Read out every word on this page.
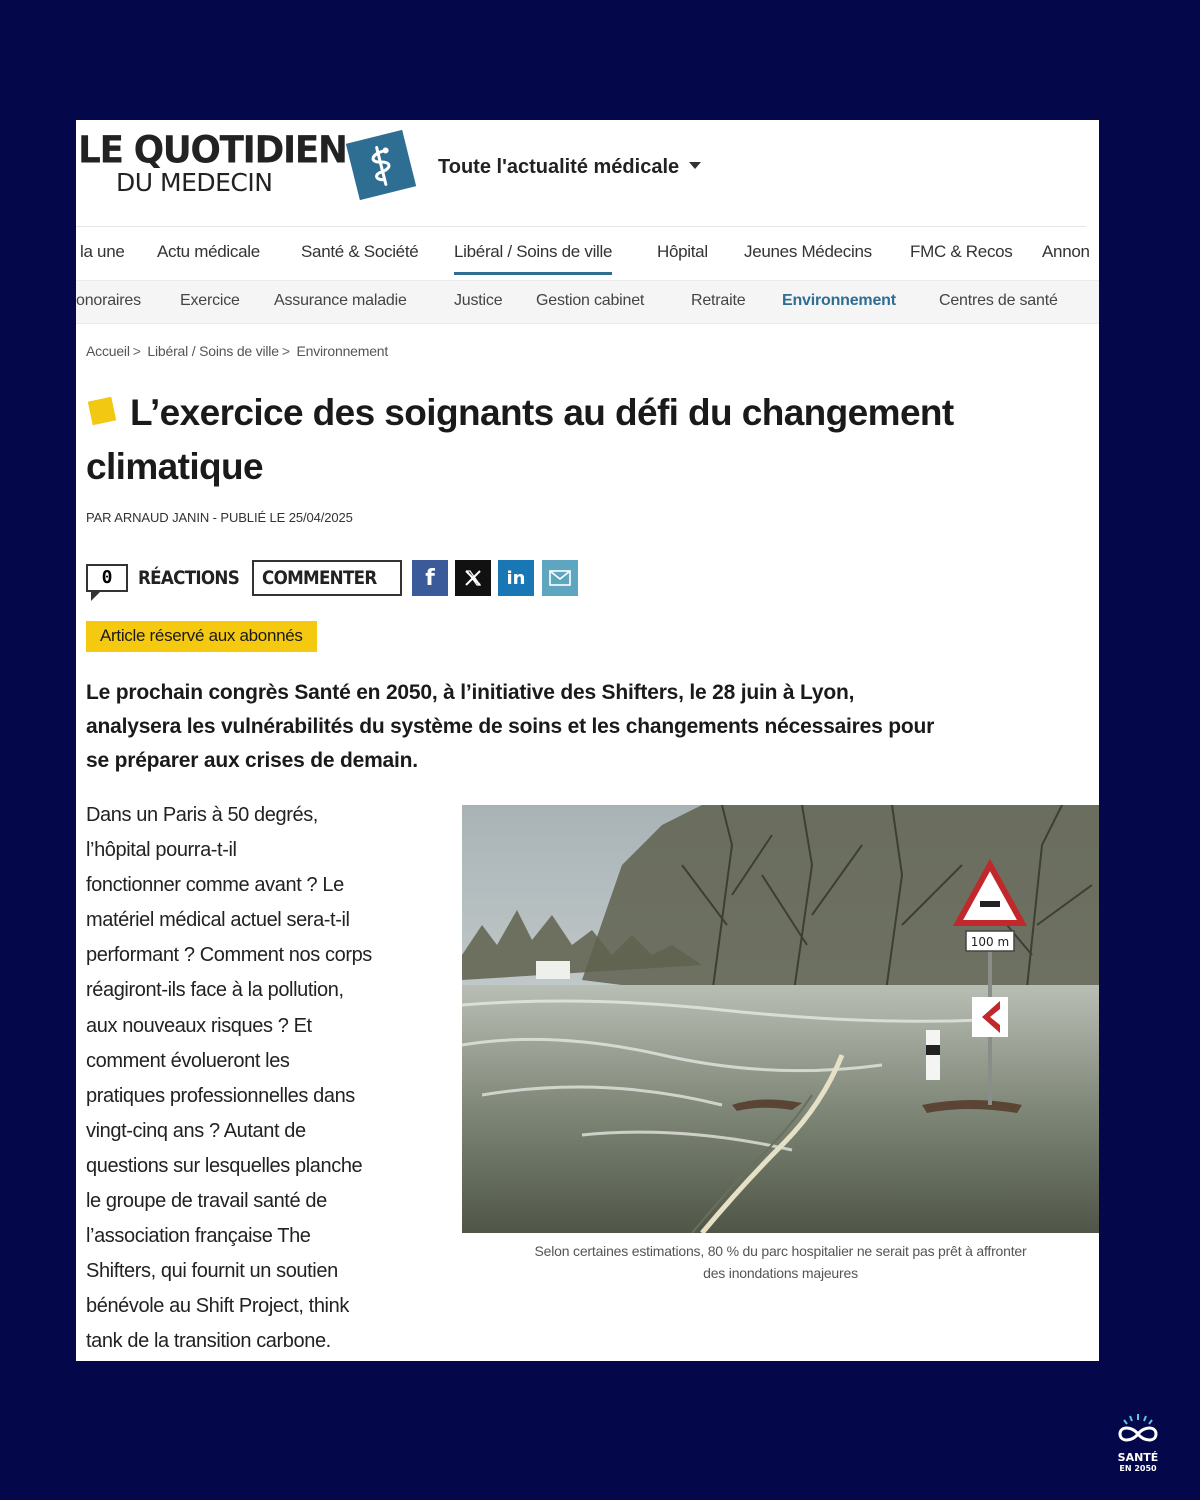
LE QUOTIDIEN
DU MEDECIN
Toute l'actualité médicale
la une Actu médicale Santé & Société Libéral / Soins de ville	Hôpital Jeunes Médecins FMC & Recos Annon
onoraires Exercice Assurance maladie	Justice Gestion cabinet	Retraite Environnement	Centres de santé
Accueil > Libéral / Soins de ville > Environnement
L’exercice des soignants au défi du changement climatique
PAR ARNAUD JANIN - PUBLIÉ LE 25/04/2025
0	RÉACTIONS	COMMENTER	f	in
Article réservé aux abonnés
Le prochain congrès Santé en 2050, à l’initiative des Shifters, le 28 juin à Lyon,
analysera les vulnérabilités du système de soins et les changements nécessaires pour
se préparer aux crises de demain.
Dans un Paris à 50 degrés,
l’hôpital pourra-t-il
fonctionner comme avant ? Le
matériel médical actuel sera-t-il
performant ? Comment nos corps
réagiront-ils face à la pollution,
aux nouveaux risques ? Et
comment évolueront les
pratiques professionnelles dans
vingt-cinq ans ? Autant de
questions sur lesquelles planche
le groupe de travail santé de
l’association française The
Shifters, qui fournit un soutien
bénévole au Shift Project, think
tank de la transition carbone.
100 m
Selon certaines estimations, 80 % du parc hospitalier ne serait pas prêt à affronter
des inondations majeures
SANTÉ
EN 2050
